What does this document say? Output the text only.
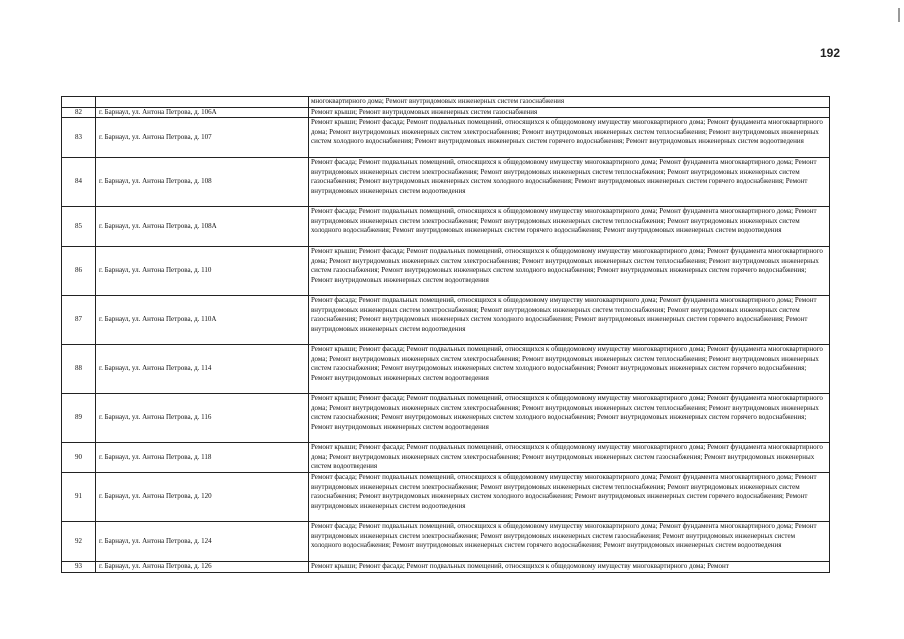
192
		многоквартирного дома; Ремонт внутридомовых инженерных систем газоснабжения
82	г. Барнаул, ул. Антона Петрова, д. 106А	Ремонт крыши; Ремонт внутридомовых инженерных систем газоснабжения
83	г. Барнаул, ул. Антона Петрова, д. 107	Ремонт крыши; Ремонт фасада; Ремонт подвальных помещений, относящихся к общедомовому имуществу многоквартирного дома; Ремонт фундамента многоквартирного дома; Ремонт внутридомовых инженерных систем электроснабжения; Ремонт внутридомовых инженерных систем теплоснабжения; Ремонт внутридомовых инженерных систем холодного водоснабжения; Ремонт внутридомовых инженерных систем горячего водоснабжения; Ремонт внутридомовых инженерных систем водоотведения
84	г. Барнаул, ул. Антона Петрова, д. 108	Ремонт фасада; Ремонт подвальных помещений, относящихся к общедомовому имуществу многоквартирного дома; Ремонт фундамента многоквартирного дома; Ремонт внутридомовых инженерных систем электроснабжения; Ремонт внутридомовых инженерных систем теплоснабжения; Ремонт внутридомовых инженерных систем газоснабжения; Ремонт внутридомовых инженерных систем холодного водоснабжения; Ремонт внутридомовых инженерных систем горячего водоснабжения; Ремонт внутридомовых инженерных систем водоотведения
85	г. Барнаул, ул. Антона Петрова, д. 108А	Ремонт фасада; Ремонт подвальных помещений, относящихся к общедомовому имуществу многоквартирного дома; Ремонт фундамента многоквартирного дома; Ремонт внутридомовых инженерных систем электроснабжения; Ремонт внутридомовых инженерных систем теплоснабжения; Ремонт внутридомовых инженерных систем холодного водоснабжения; Ремонт внутридомовых инженерных систем горячего водоснабжения; Ремонт внутридомовых инженерных систем водоотведения
86	г. Барнаул, ул. Антона Петрова, д. 110	Ремонт крыши; Ремонт фасада; Ремонт подвальных помещений, относящихся к общедомовому имуществу многоквартирного дома; Ремонт фундамента многоквартирного дома; Ремонт внутридомовых инженерных систем электроснабжения; Ремонт внутридомовых инженерных систем теплоснабжения; Ремонт внутридомовых инженерных систем газоснабжения; Ремонт внутридомовых инженерных систем холодного водоснабжения; Ремонт внутридомовых инженерных систем горячего водоснабжения; Ремонт внутридомовых инженерных систем водоотведения
87	г. Барнаул, ул. Антона Петрова, д. 110А	Ремонт фасада; Ремонт подвальных помещений, относящихся к общедомовому имуществу многоквартирного дома; Ремонт фундамента многоквартирного дома; Ремонт внутридомовых инженерных систем электроснабжения; Ремонт внутридомовых инженерных систем теплоснабжения; Ремонт внутридомовых инженерных систем газоснабжения; Ремонт внутридомовых инженерных систем холодного водоснабжения; Ремонт внутридомовых инженерных систем горячего водоснабжения; Ремонт внутридомовых инженерных систем водоотведения
88	г. Барнаул, ул. Антона Петрова, д. 114	Ремонт крыши; Ремонт фасада; Ремонт подвальных помещений, относящихся к общедомовому имуществу многоквартирного дома; Ремонт фундамента многоквартирного дома; Ремонт внутридомовых инженерных систем электроснабжения; Ремонт внутридомовых инженерных систем теплоснабжения; Ремонт внутридомовых инженерных систем газоснабжения; Ремонт внутридомовых инженерных систем холодного водоснабжения; Ремонт внутридомовых инженерных систем горячего водоснабжения; Ремонт внутридомовых инженерных систем водоотведения
89	г. Барнаул, ул. Антона Петрова, д. 116	Ремонт крыши; Ремонт фасада; Ремонт подвальных помещений, относящихся к общедомовому имуществу многоквартирного дома; Ремонт фундамента многоквартирного дома; Ремонт внутридомовых инженерных систем электроснабжения; Ремонт внутридомовых инженерных систем теплоснабжения; Ремонт внутридомовых инженерных систем газоснабжения; Ремонт внутридомовых инженерных систем холодного водоснабжения; Ремонт внутридомовых инженерных систем горячего водоснабжения; Ремонт внутридомовых инженерных систем водоотведения
90	г. Барнаул, ул. Антона Петрова, д. 118	Ремонт крыши; Ремонт фасада; Ремонт подвальных помещений, относящихся к общедомовому имуществу многоквартирного дома; Ремонт фундамента многоквартирного дома; Ремонт внутридомовых инженерных систем электроснабжения; Ремонт внутридомовых инженерных систем газоснабжения; Ремонт внутридомовых инженерных систем водоотведения
91	г. Барнаул, ул. Антона Петрова, д. 120	Ремонт фасада; Ремонт подвальных помещений, относящихся к общедомовому имуществу многоквартирного дома; Ремонт фундамента многоквартирного дома; Ремонт внутридомовых инженерных систем электроснабжения; Ремонт внутридомовых инженерных систем теплоснабжения; Ремонт внутридомовых инженерных систем газоснабжения; Ремонт внутридомовых инженерных систем холодного водоснабжения; Ремонт внутридомовых инженерных систем горячего водоснабжения; Ремонт внутридомовых инженерных систем водоотведения
92	г. Барнаул, ул. Антона Петрова, д. 124	Ремонт фасада; Ремонт подвальных помещений, относящихся к общедомовому имуществу многоквартирного дома; Ремонт фундамента многоквартирного дома; Ремонт внутридомовых инженерных систем электроснабжения; Ремонт внутридомовых инженерных систем газоснабжения; Ремонт внутридомовых инженерных систем холодного водоснабжения; Ремонт внутридомовых инженерных систем горячего водоснабжения; Ремонт внутридомовых инженерных систем водоотведения
93	г. Барнаул, ул. Антона Петрова, д. 126	Ремонт крыши; Ремонт фасада; Ремонт подвальных помещений, относящихся к общедомовому имуществу многоквартирного дома; Ремонт
